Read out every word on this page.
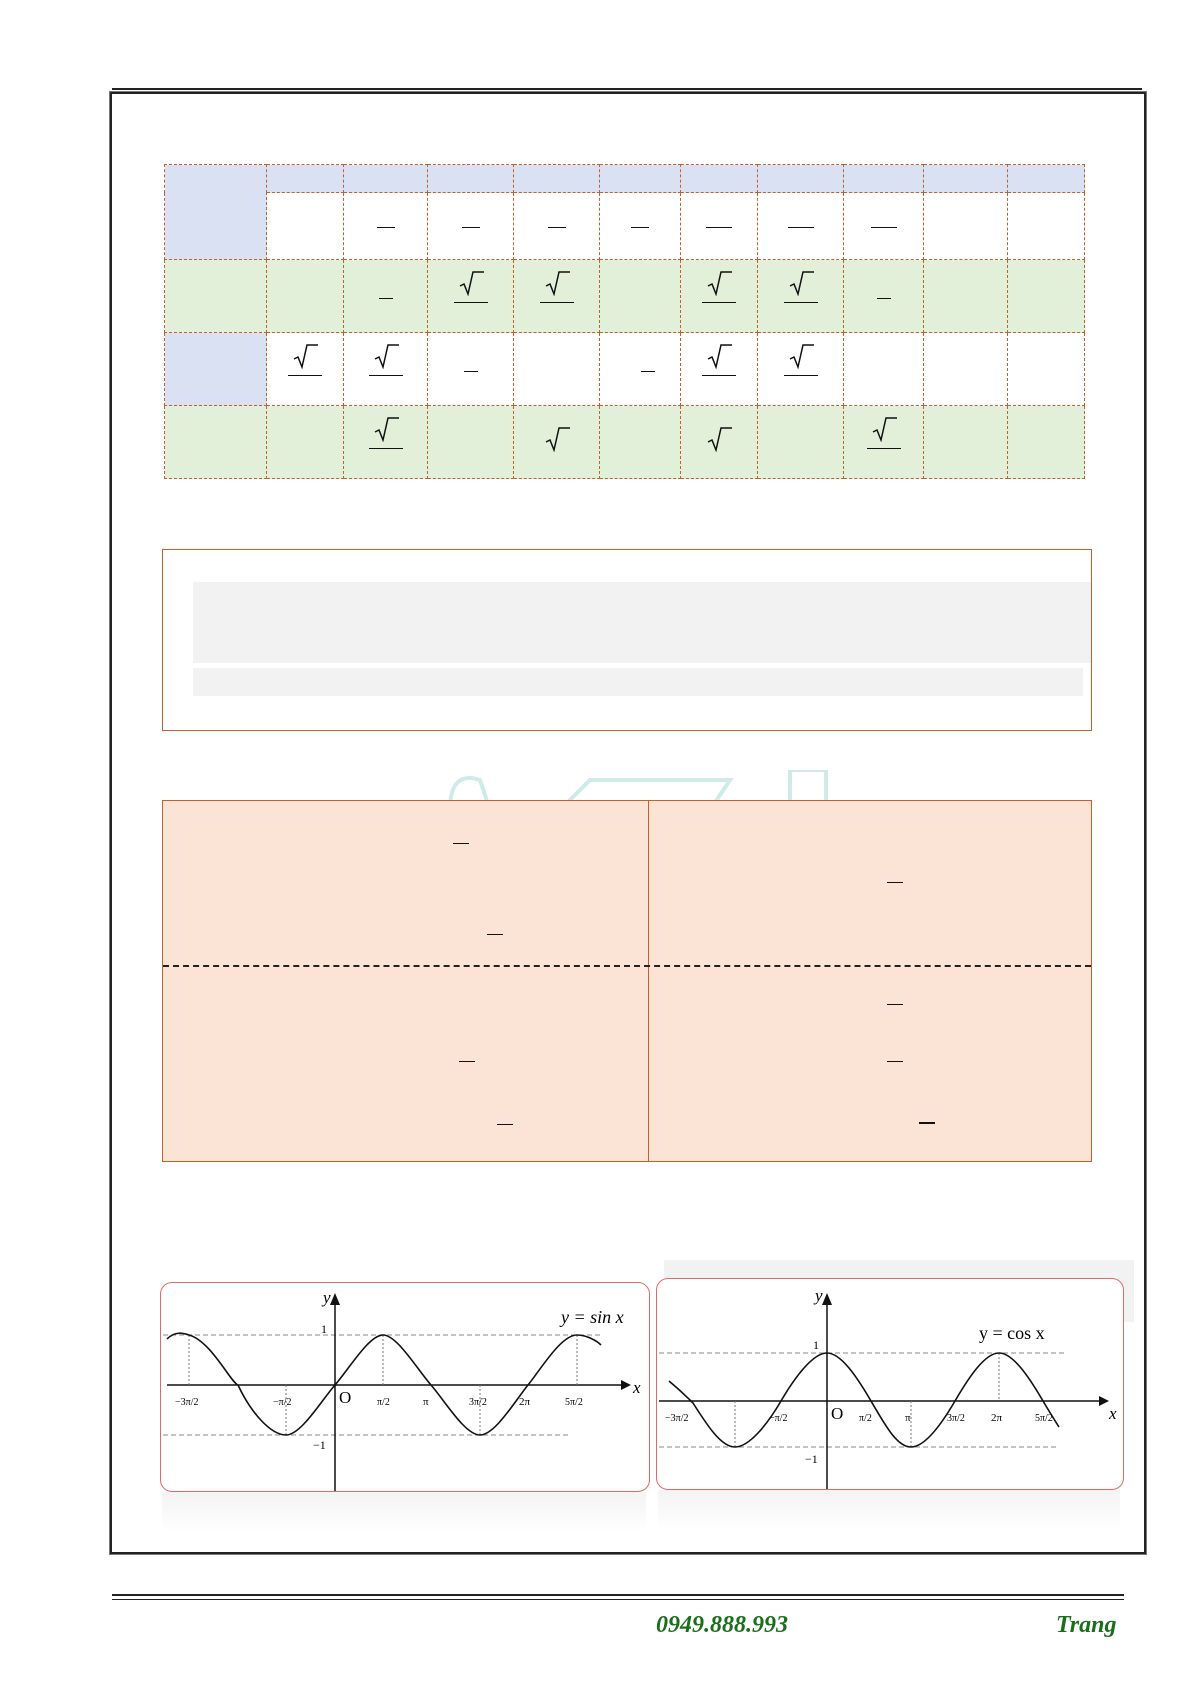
y
x
O
1
−1
y = sin x
−3π/2	−π/2	π/2	π	3π/2	2π	5π/2
y
x
O
1
−1
y = cos x
−3π/2	−π/2	π/2	π	3π/2 2π	5π/2
0949.888.993	Trang
